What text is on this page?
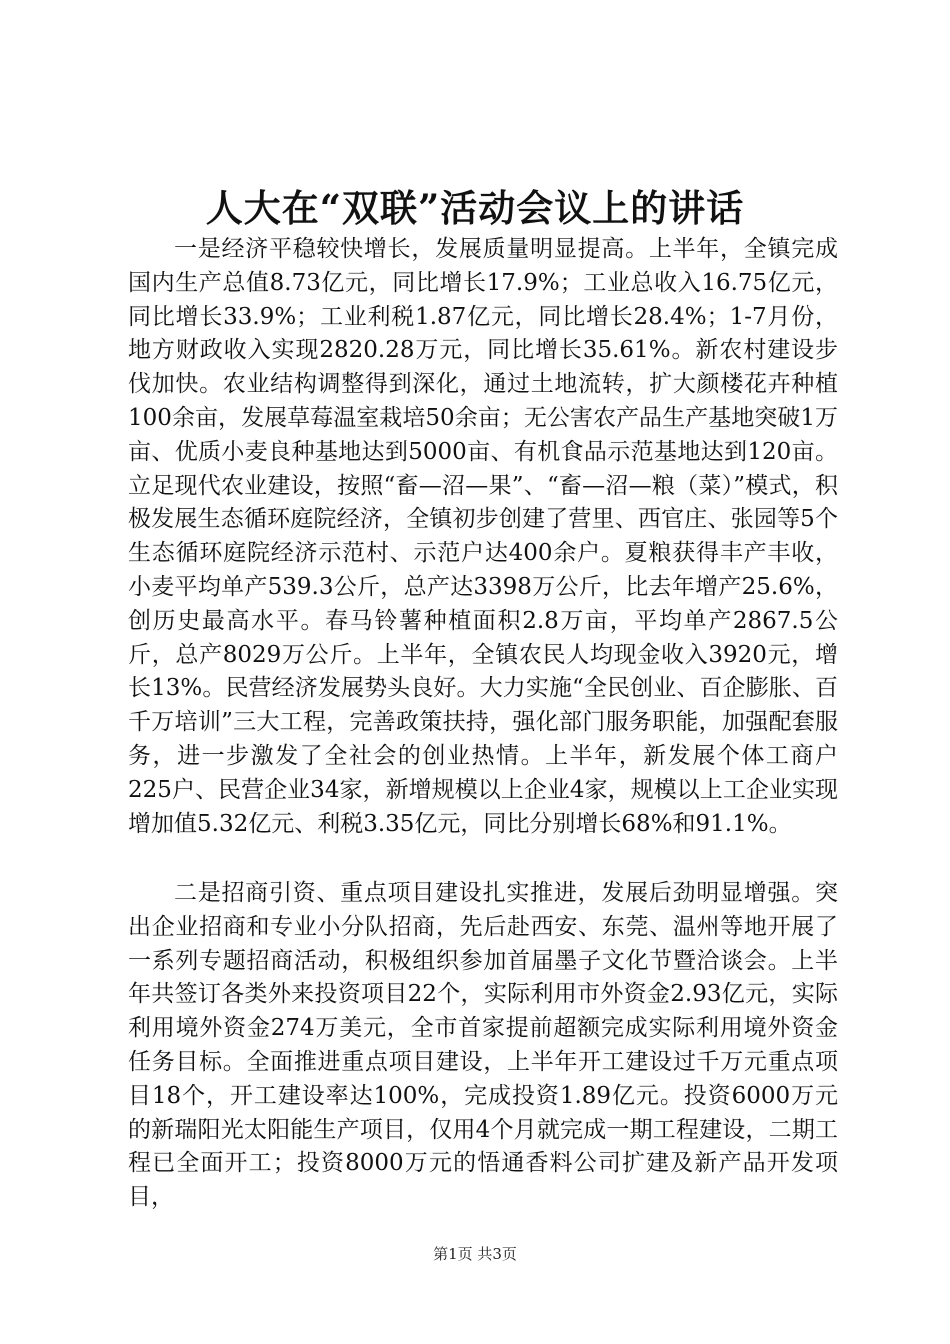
人大在“双联”活动会议上的讲话

一是经济平稳较快增长，发展质量明显提高。上半年，全镇完成国内生产总值8.73亿元，同比增长17.9%；工业总收入16.75亿元，同比增长33.9%；工业利税1.87亿元，同比增长28.4%；1-7月份，地方财政收入实现2820.28万元，同比增长35.61%。新农村建设步伐加快。农业结构调整得到深化，通过土地流转，扩大颜楼花卉种植100余亩，发展草莓温室栽培50余亩；无公害农产品生产基地突破1万亩、优质小麦良种基地达到5000亩、有机食品示范基地达到120亩。立足现代农业建设，按照“畜—沼—果”、“畜—沼—粮（菜）”模式，积极发展生态循环庭院经济，全镇初步创建了营里、西官庄、张园等5个生态循环庭院经济示范村、示范户达400余户。夏粮获得丰产丰收，小麦平均单产539.3公斤，总产达3398万公斤，比去年增产25.6%，创历史最高水平。春马铃薯种植面积2.8万亩，平均单产2867.5公斤，总产8029万公斤。上半年，全镇农民人均现金收入3920元，增长13%。民营经济发展势头良好。大力实施“全民创业、百企膨胀、百千万培训”三大工程，完善政策扶持，强化部门服务职能，加强配套服务，进一步激发了全社会的创业热情。上半年，新发展个体工商户225户、民营企业34家，新增规模以上企业4家，规模以上工企业实现增加值5.32亿元、利税3.35亿元，同比分别增长68%和91.1%。

二是招商引资、重点项目建设扎实推进，发展后劲明显增强。突出企业招商和专业小分队招商，先后赴西安、东莞、温州等地开展了一系列专题招商活动，积极组织参加首届墨子文化节暨洽谈会。上半年共签订各类外来投资项目22个，实际利用市外资金2.93亿元，实际利用境外资金274万美元，全市首家提前超额完成实际利用境外资金任务目标。全面推进重点项目建设，上半年开工建设过千万元重点项目18个，开工建设率达100%，完成投资1.89亿元。投资6000万元的新瑞阳光太阳能生产项目，仅用4个月就完成一期工程建设，二期工程已全面开工；投资8000万元的悟通香料公司扩建及新产品开发项目，

第1页 共3页
